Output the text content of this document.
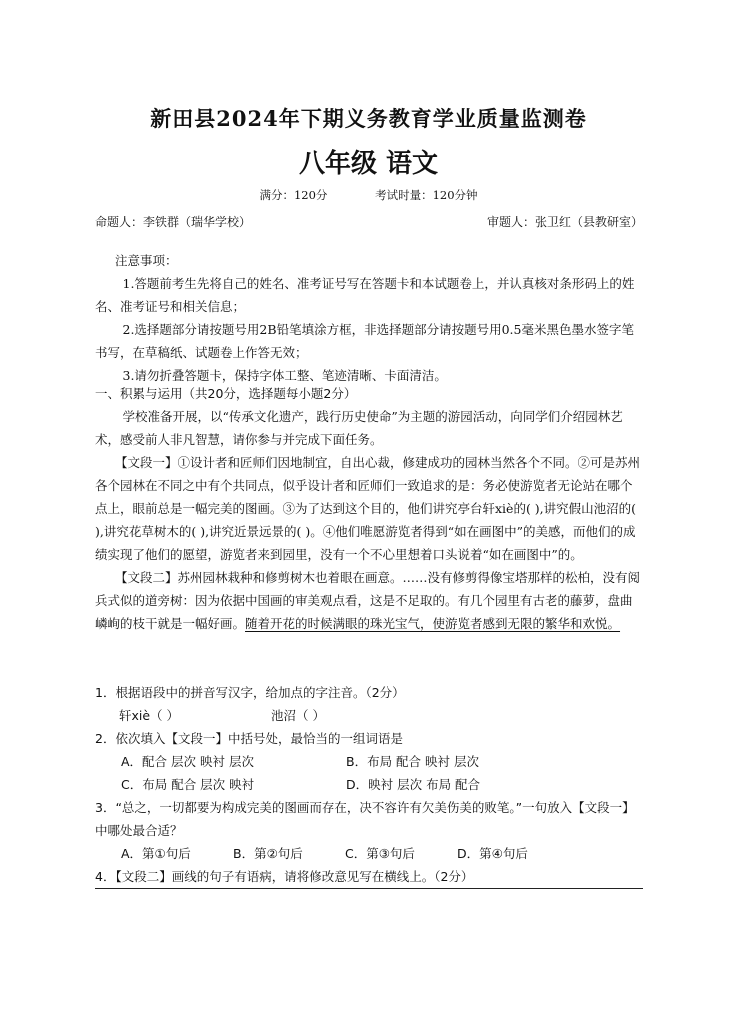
新田县2024年下期义务教育学业质量监测卷
八年级 语文
满分：120分	考试时量：120分钟
命题人：李铁群（瑞华学校）	审题人：张卫红（县教研室）

注意事项：

1.答题前考生先将自己的姓名、准考证号写在答题卡和本试题卷上，并认真核对条形码上的姓名、准考证号和相关信息；

2.选择题部分请按题号用2B铅笔填涂方框，非选择题部分请按题号用0.5毫米黑色墨水签字笔书写，在草稿纸、试题卷上作答无效；

3.请勿折叠答题卡，保持字体工整、笔迹清晰、卡面清洁。

一、积累与运用（共20分，选择题每小题2分）

学校准备开展，以“传承文化遗产，践行历史使命”为主题的游园活动，向同学们介绍园林艺术，感受前人非凡智慧，请你参与并完成下面任务。

【文段一】①设计者和匠师们因地制宜，自出心裁，修建成功的园林当然各个不同。②可是苏州各个园林在不同之中有个共同点，似乎设计者和匠师们一致追求的是：务必使游览者无论站在哪个点上，眼前总是一幅完美的图画。③为了达到这个目的，他们讲究亭台轩xiè的( ),讲究假山池沼的( ),讲究花草树木的( ),讲究近景远景的( )。④他们唯愿游览者得到“如在画图中”的美感，而他们的成绩实现了他们的愿望，游览者来到园里，没有一个不心里想着口头说着“如在画图中”的。

【文段二】苏州园林栽种和修剪树木也着眼在画意。……没有修剪得像宝塔那样的松柏，没有阅兵式似的道旁树：因为依据中国画的审美观点看，这是不足取的。有几个园里有古老的藤萝，盘曲嶙峋的枝干就是一幅好画。随着开花的时候满眼的珠光宝气，使游览者感到无限的繁华和欢悦。

1．根据语段中的拼音写汉字，给加点的字注音。（2分）

轩xiè（ ）	池沼（ ）

2．依次填入【文段一】中括号处，最恰当的一组词语是

A．配合 层次 映衬 层次	B．布局 配合 映衬 层次
C．布局 配合 层次 映衬	D．映衬 层次 布局 配合

3．“总之，一切都要为构成完美的图画而存在，决不容许有欠美伤美的败笔。”一句放入【文段一】中哪处最合适？

A．第①句后	B．第②句后	C．第③句后	D．第④句后

4．【文段二】画线的句子有语病，请将修改意见写在横线上。（2分）
